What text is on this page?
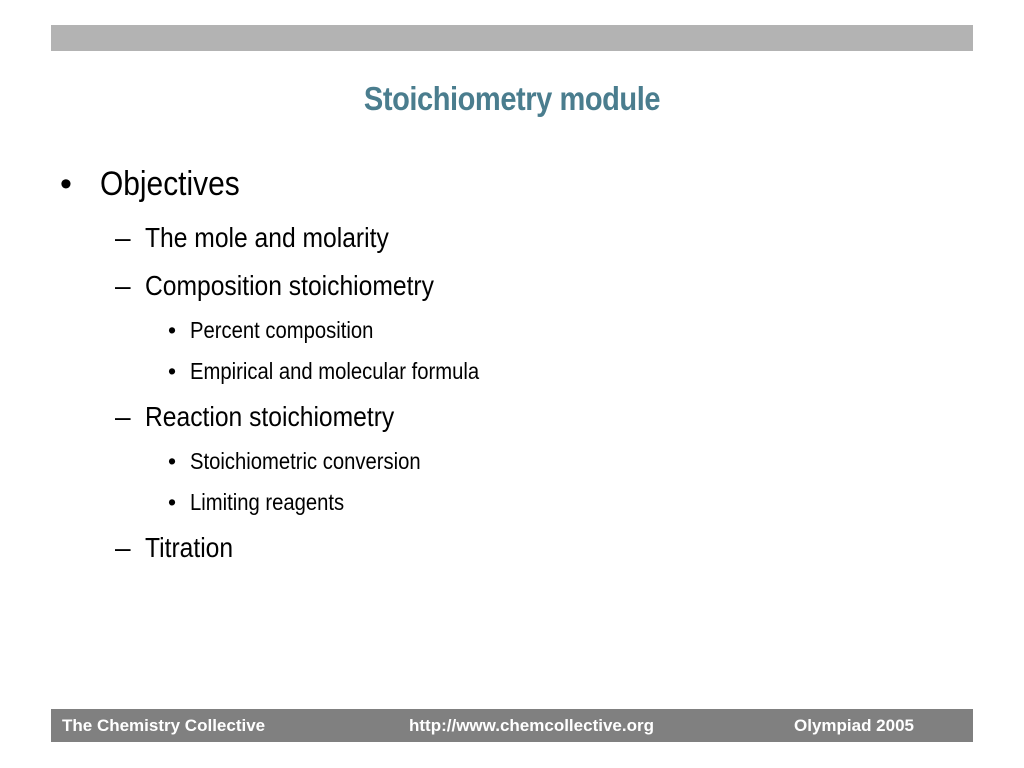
Stoichiometry module
• Objectives
– The mole and molarity
– Composition stoichiometry
• Percent composition
• Empirical and molecular formula
– Reaction stoichiometry
• Stoichiometric conversion
• Limiting reagents
– Titration
The Chemistry Collective	http://www.chemcollective.org	Olympiad 2005
